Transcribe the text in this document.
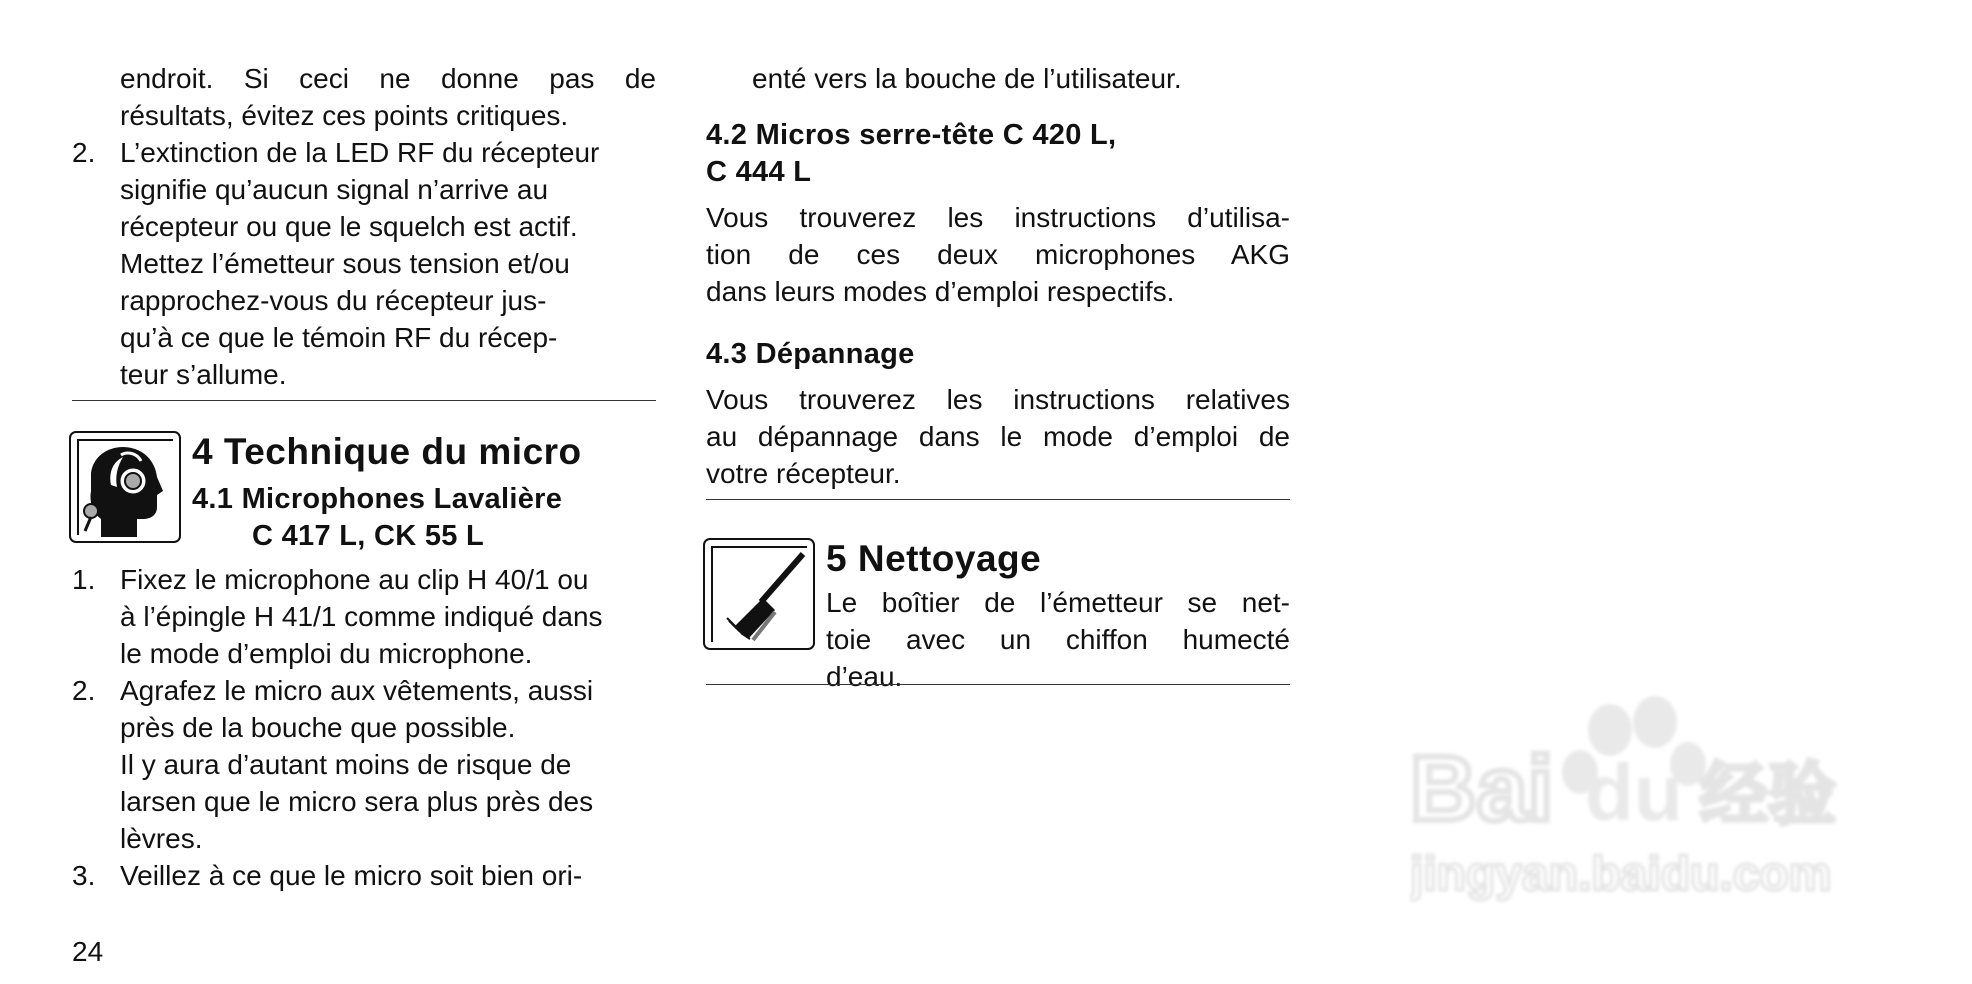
endroit. Si ceci ne donne pas de

résultats, évitez ces points critiques.

2. L’extinction de la LED RF du récepteur
signifie qu’aucun signal n’arrive au
récepteur ou que le squelch est actif.
Mettez l’émetteur sous tension et/ou
rapprochez-vous du récepteur jus-
qu’à ce que le témoin RF du récep-
teur s’allume.
4 Technique du micro
4.1 Microphones Lavalière
C 417 L, CK 55 L
1. Fixez le microphone au clip H 40/1 ou
à l’épingle H 41/1 comme indiqué dans
le mode d’emploi du microphone.
2. Agrafez le micro aux vêtements, aussi
près de la bouche que possible.
Il y aura d’autant moins de risque de
larsen que le micro sera plus près des
lèvres.
3. Veillez à ce que le micro soit bien ori-

enté vers la bouche de l’utilisateur.

4.2 Micros serre-tête C 420 L,
C 444 L

Vous trouverez les instructions d’utilisa-

tion de ces deux microphones AKG

dans leurs modes d’emploi respectifs.

4.3 Dépannage

Vous trouverez les instructions relatives

au dépannage dans le mode d’emploi de

votre récepteur.

5 Nettoyage

Le boîtier de l’émetteur se net-

toie avec un chiffon humecté

d’eau.

24
Bai du 经验
jingyan.baidu.com
